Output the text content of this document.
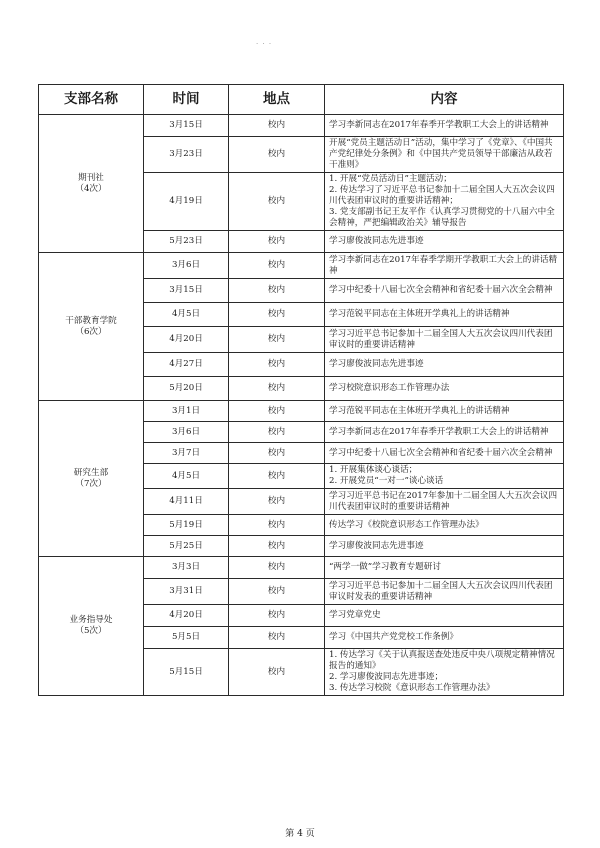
· · ·
支部名称	时间	地点	内容

期刊社
（4次）	3月15日	校内	学习李新同志在2017年春季开学教职工大会上的讲话精神

	3月23日	校内	开展“党员主题活动日”活动，集中学习了《党章》、《中国共产党纪律处分条例》和《中国共产党员领导干部廉洁从政若干准则》

	4月19日	校内	1. 开展“党员活动日”主题活动；
2. 传达学习了习近平总书记参加十二届全国人大五次会议四川代表团审议时的重要讲话精神；
3. 党支部副书记王友平作《认真学习贯彻党的十八届六中全会精神，严把编辑政治关》辅导报告

	5月23日	校内	学习廖俊波同志先进事迹

干部教育学院
（6次）	3月6日	校内	学习李新同志在2017年春季学期开学教职工大会上的讲话精神

	3月15日	校内	学习中纪委十八届七次全会精神和省纪委十届六次全会精神

	4月5日	校内	学习范锐平同志在主体班开学典礼上的讲话精神

	4月20日	校内	学习习近平总书记参加十二届全国人大五次会议四川代表团审议时的重要讲话精神

	4月27日	校内	学习廖俊波同志先进事迹

	5月20日	校内	学习校院意识形态工作管理办法

研究生部
（7次）	3月1日	校内	学习范锐平同志在主体班开学典礼上的讲话精神

	3月6日	校内	学习李新同志在2017年春季开学教职工大会上的讲话精神

	3月7日	校内	学习中纪委十八届七次全会精神和省纪委十届六次全会精神

	4月5日	校内	1. 开展集体谈心谈话；
2. 开展党员“一对一”谈心谈话

	4月11日	校内	学习习近平总书记在2017年参加十二届全国人大五次会议四川代表团审议时的重要讲话精神

	5月19日	校内	传达学习《校院意识形态工作管理办法》

	5月25日	校内	学习廖俊波同志先进事迹

业务指导处
（5次）	3月3日	校内	“两学一做”学习教育专题研讨

	3月31日	校内	学习习近平总书记参加十二届全国人大五次会议四川代表团审议时发表的重要讲话精神

	4月20日	校内	学习党章党史

	5月5日	校内	学习《中国共产党党校工作条例》

	5月15日	校内	1. 传达学习《关于认真报送查处违反中央八项规定精神情况报告的通知》
2. 学习廖俊波同志先进事迹；
3. 传达学习校院《意识形态工作管理办法》
第 4 页
